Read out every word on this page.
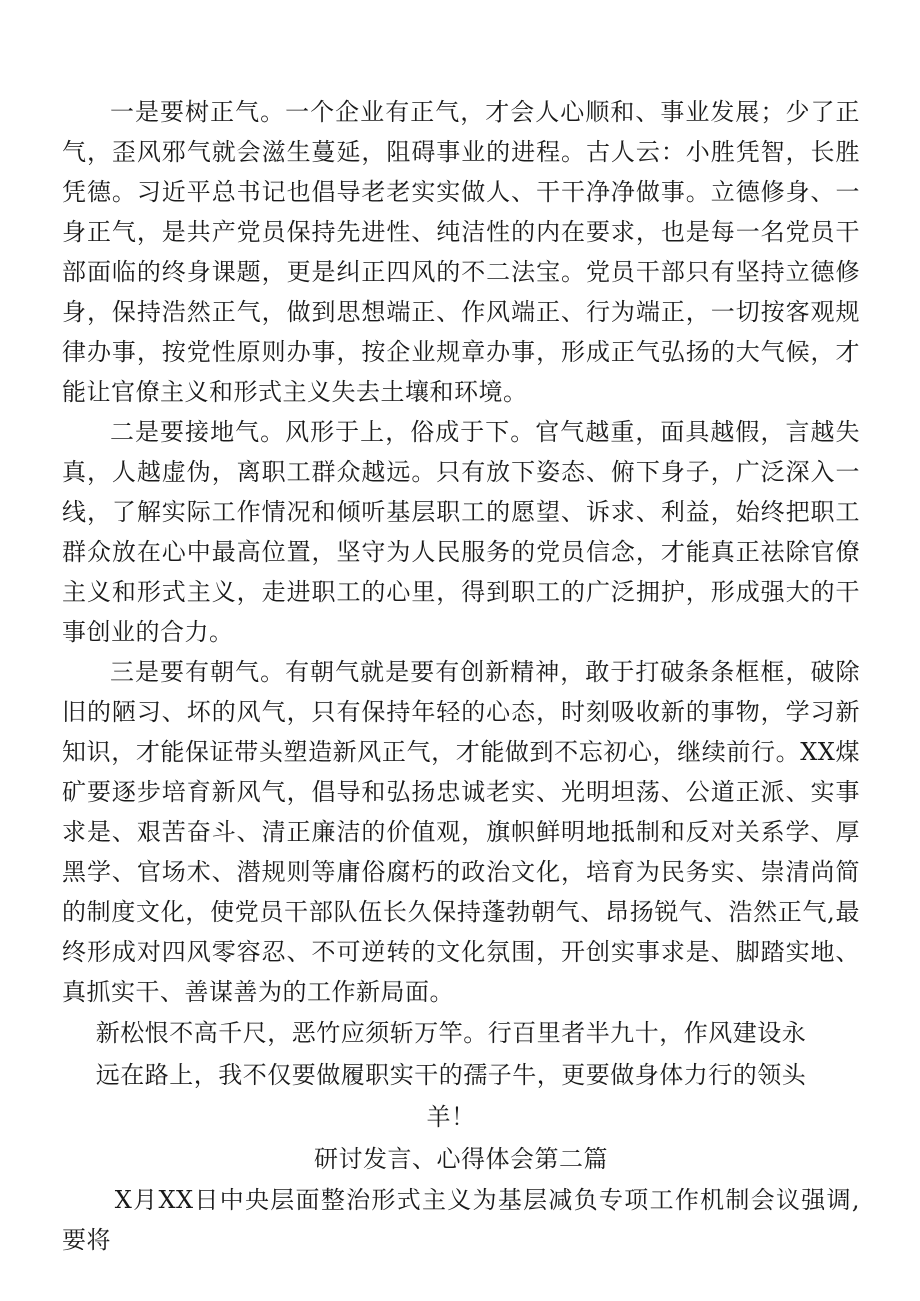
一是要树正气。一个企业有正气，才会人心顺和、事业发展；少了正气，歪风邪气就会滋生蔓延，阻碍事业的进程。古人云：小胜凭智，长胜凭德。习近平总书记也倡导老老实实做人、干干净净做事。立德修身、一身正气，是共产党员保持先进性、纯洁性的内在要求，也是每一名党员干部面临的终身课题，更是纠正四风的不二法宝。党员干部只有坚持立德修身，保持浩然正气，做到思想端正、作风端正、行为端正，一切按客观规律办事，按党性原则办事，按企业规章办事，形成正气弘扬的大气候，才能让官僚主义和形式主义失去土壤和环境。

二是要接地气。风形于上，俗成于下。官气越重，面具越假，言越失真，人越虚伪，离职工群众越远。只有放下姿态、俯下身子，广泛深入一线，了解实际工作情况和倾听基层职工的愿望、诉求、利益，始终把职工群众放在心中最高位置，坚守为人民服务的党员信念，才能真正祛除官僚主义和形式主义，走进职工的心里，得到职工的广泛拥护，形成强大的干事创业的合力。

三是要有朝气。有朝气就是要有创新精神，敢于打破条条框框，破除旧的陋习、坏的风气，只有保持年轻的心态，时刻吸收新的事物，学习新知识，才能保证带头塑造新风正气，才能做到不忘初心，继续前行。XX煤矿要逐步培育新风气，倡导和弘扬忠诚老实、光明坦荡、公道正派、实事求是、艰苦奋斗、清正廉洁的价值观，旗帜鲜明地抵制和反对关系学、厚黑学、官场术、潜规则等庸俗腐朽的政治文化，培育为民务实、崇清尚简的制度文化，使党员干部队伍长久保持蓬勃朝气、昂扬锐气、浩然正气,最终形成对四风零容忍、不可逆转的文化氛围，开创实事求是、脚踏实地、真抓实干、善谋善为的工作新局面。

新松恨不高千尺，恶竹应须斩万竿。行百里者半九十，作风建设永
远在路上，我不仅要做履职实干的孺子牛，更要做身体力行的领头羊！

研讨发言、心得体会第二篇

X月XX日中央层面整治形式主义为基层减负专项工作机制会议强调,要将
